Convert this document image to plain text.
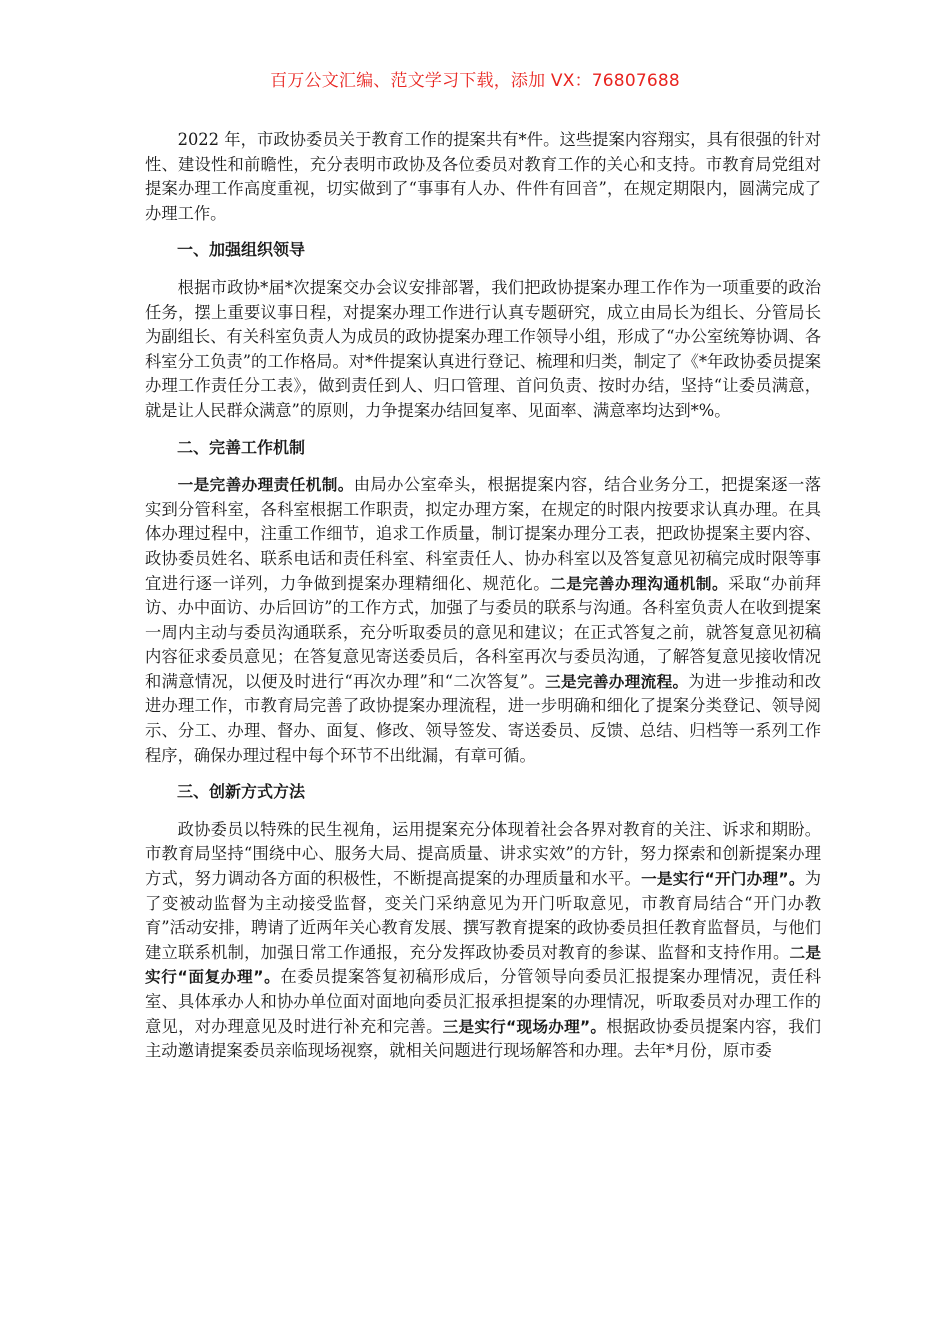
百万公文汇编、范文学习下载，添加 VX：76807688

2022 年，市政协委员关于教育工作的提案共有*件。这些提案内容翔实，具有很强的针对性、建设性和前瞻性，充分表明市政协及各位委员对教育工作的关心和支持。市教育局党组对提案办理工作高度重视，切实做到了“事事有人办、件件有回音”，在规定期限内，圆满完成了办理工作。

一、加强组织领导

根据市政协*届*次提案交办会议安排部署，我们把政协提案办理工作作为一项重要的政治任务，摆上重要议事日程，对提案办理工作进行认真专题研究，成立由局长为组长、分管局长为副组长、有关科室负责人为成员的政协提案办理工作领导小组，形成了“办公室统筹协调、各科室分工负责”的工作格局。对*件提案认真进行登记、梳理和归类，制定了《*年政协委员提案办理工作责任分工表》，做到责任到人、归口管理、首问负责、按时办结，坚持“让委员满意，就是让人民群众满意”的原则，力争提案办结回复率、见面率、满意率均达到*%。

二、完善工作机制

一是完善办理责任机制。由局办公室牵头，根据提案内容，结合业务分工，把提案逐一落实到分管科室，各科室根据工作职责，拟定办理方案，在规定的时限内按要求认真办理。在具体办理过程中，注重工作细节，追求工作质量，制订提案办理分工表，把政协提案主要内容、政协委员姓名、联系电话和责任科室、科室责任人、协办科室以及答复意见初稿完成时限等事宜进行逐一详列，力争做到提案办理精细化、规范化。二是完善办理沟通机制。采取“办前拜访、办中面访、办后回访”的工作方式，加强了与委员的联系与沟通。各科室负责人在收到提案一周内主动与委员沟通联系，充分听取委员的意见和建议；在正式答复之前，就答复意见初稿内容征求委员意见；在答复意见寄送委员后，各科室再次与委员沟通，了解答复意见接收情况和满意情况，以便及时进行“再次办理”和“二次答复”。三是完善办理流程。为进一步推动和改进办理工作，市教育局完善了政协提案办理流程，进一步明确和细化了提案分类登记、领导阅示、分工、办理、督办、面复、修改、领导签发、寄送委员、反馈、总结、归档等一系列工作程序，确保办理过程中每个环节不出纰漏，有章可循。

三、创新方式方法

政协委员以特殊的民生视角，运用提案充分体现着社会各界对教育的关注、诉求和期盼。市教育局坚持“围绕中心、服务大局、提高质量、讲求实效”的方针，努力探索和创新提案办理方式，努力调动各方面的积极性，不断提高提案的办理质量和水平。一是实行“开门办理”。为了变被动监督为主动接受监督，变关门采纳意见为开门听取意见，市教育局结合“开门办教育”活动安排，聘请了近两年关心教育发展、撰写教育提案的政协委员担任教育监督员，与他们建立联系机制，加强日常工作通报，充分发挥政协委员对教育的参谋、监督和支持作用。二是实行“面复办理”。在委员提案答复初稿形成后，分管领导向委员汇报提案办理情况，责任科室、具体承办人和协办单位面对面地向委员汇报承担提案的办理情况，听取委员对办理工作的意见，对办理意见及时进行补充和完善。三是实行“现场办理”。根据政协委员提案内容，我们主动邀请提案委员亲临现场视察，就相关问题进行现场解答和办理。去年*月份，原市委
